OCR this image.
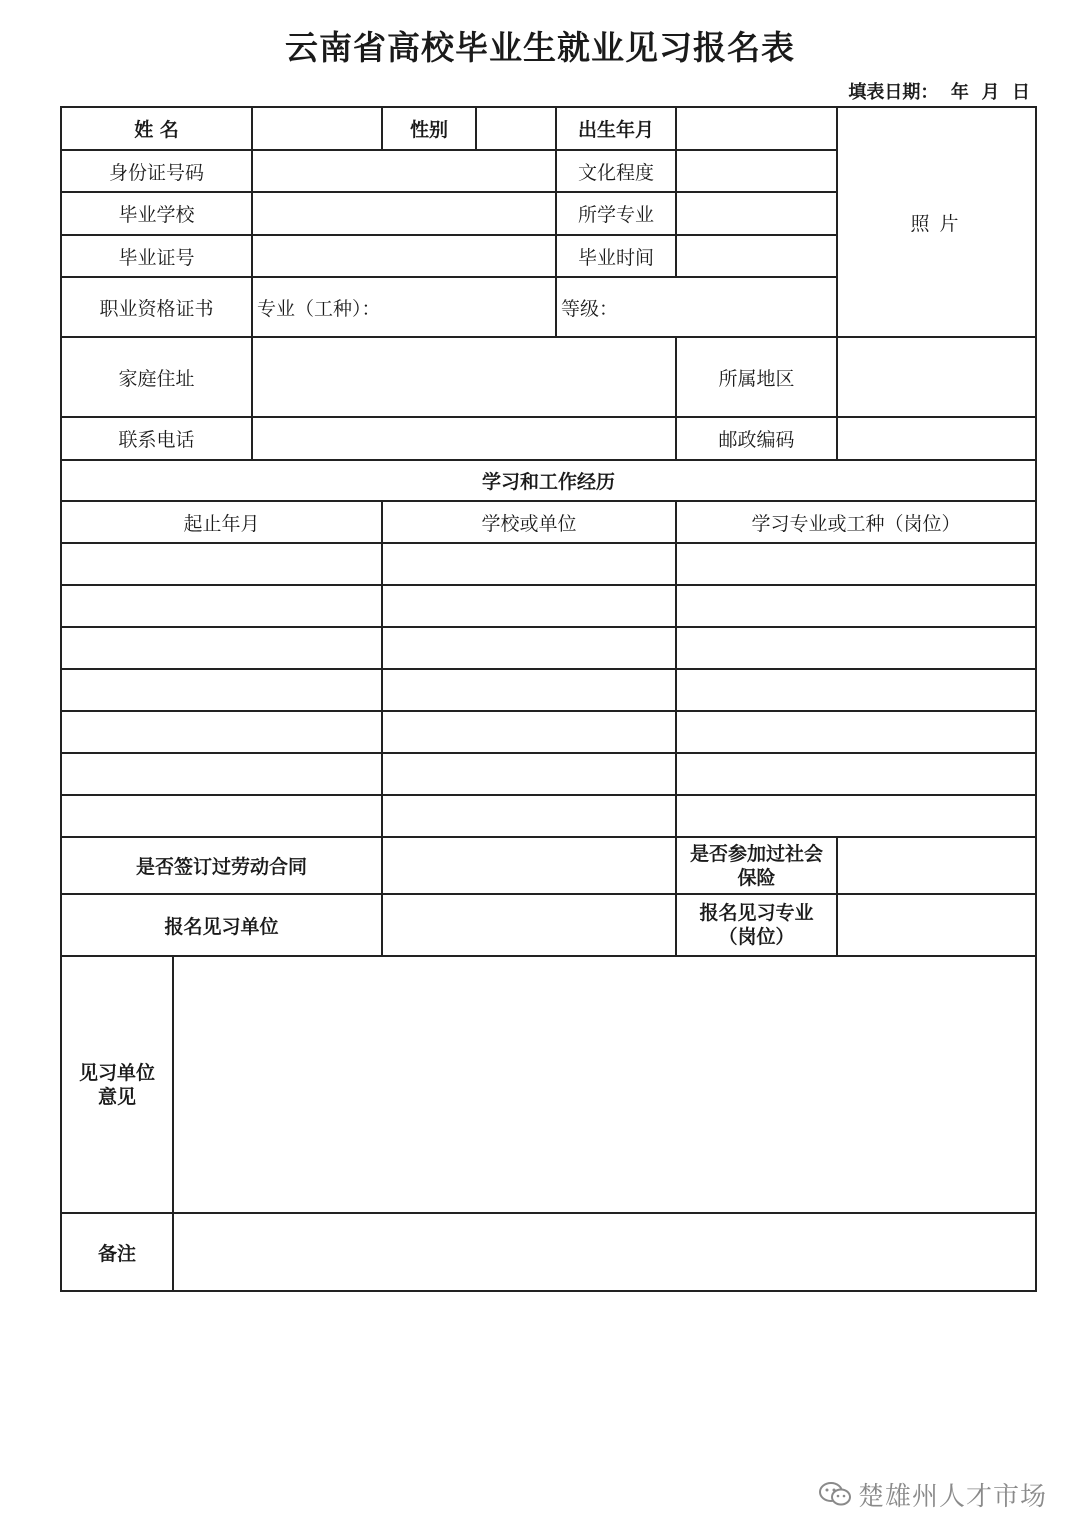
云南省高校毕业生就业见习报名表
填表日期：  年  月  日
姓 名			性别		出生年月		照片
身份证号码					文化程度		
毕业学校					所学专业		
毕业证号					毕业时间		
职业资格证书		专业（工种）：			等级：		
家庭住址						所属地区	
联系电话						邮政编码	
学习和工作经历							
起止年月			学校或单位			学习专业或工种（岗位）	

是否签订过劳动合同						是否参加过社会保险	
报名见习单位						报名见习专业（岗位）	
见习单位意见							
备注							
楚雄州人才市场
